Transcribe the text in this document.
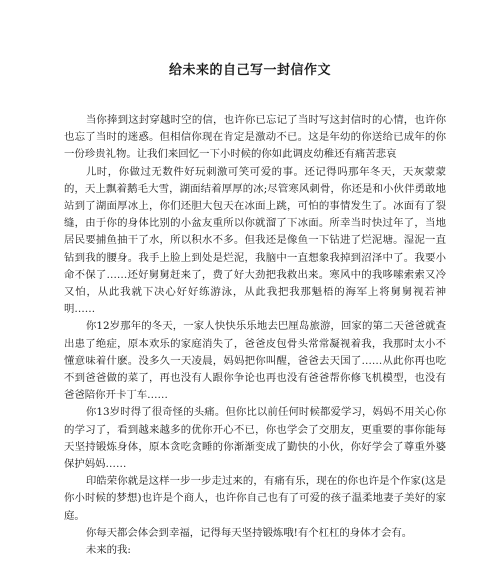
给未来的自己写一封信作文

当你捧到这封穿越时空的信，也许你已忘记了当时写这封信时的心情，也许你也忘了当时的迷惑。但相信你现在肯定是激动不已。这是年幼的你送给已成年的你一份珍贵礼物。让我们来回忆一下小时候的你如此调皮幼稚还有痛苦悲哀

儿时，你做过无数件好玩刺激可笑可爱的事。还记得吗那年冬天，天灰蒙蒙的，天上飘着鹅毛大雪，湖面结着厚厚的冰;尽管寒风刺骨，你还是和小伙伴勇敢地站到了湖面厚冰上，你们还胆大包天在冰面上跳，可怕的事情发生了。冰面有了裂缝，由于你的身体比别的小盆友重所以你就溜了下冰面。所幸当时快过年了，当地居民要捕鱼抽干了水，所以积水不多。但我还是像鱼一下钻进了烂泥塘。湿泥一直钻到我的腰身。我手上脸上到处是烂泥，我脑中一直想象我掉到沼泽中了。我要小命不保了……还好舅舅赶来了，费了好大劲把我救出来。寒风中的我哆嗦索索又冷又怕，从此我就下决心好好练游泳，从此我把我那魁梧的海军上将舅舅视若神明……

你12岁那年的冬天，一家人快快乐乐地去巴厘岛旅游，回家的第二天爸爸就查出患了绝症，原本欢乐的家庭消失了，爸爸皮包骨头常常凝视着我，我那时太小不懂意味着什麽。没多久一天凌晨，妈妈把你叫醒，爸爸去天国了……从此你再也吃不到爸爸做的菜了，再也没有人跟你争论也再也没有爸爸帮你修飞机模型，也没有爸爸陪你开卡丁车……

你13岁时得了很奇怪的头痛。但你比以前任何时候都爱学习，妈妈不用关心你的学习了，看到越来越多的优你开心不已，你也学会了交朋友，更重要的事你能每天坚持锻炼身体，原本贪吃贪睡的你渐渐变成了勤快的小伙，你好学会了尊重外婆保护妈妈……

印皓荣你就是这样一步一步走过来的，有痛有乐，现在的你也许是个作家(这是你小时候的梦想)也许是个商人，也许你自己也有了可爱的孩子温柔地妻子美好的家庭。

你每天都会体会到幸福，记得每天坚持锻炼哦!有个杠杠的身体才会有。

未来的我:
